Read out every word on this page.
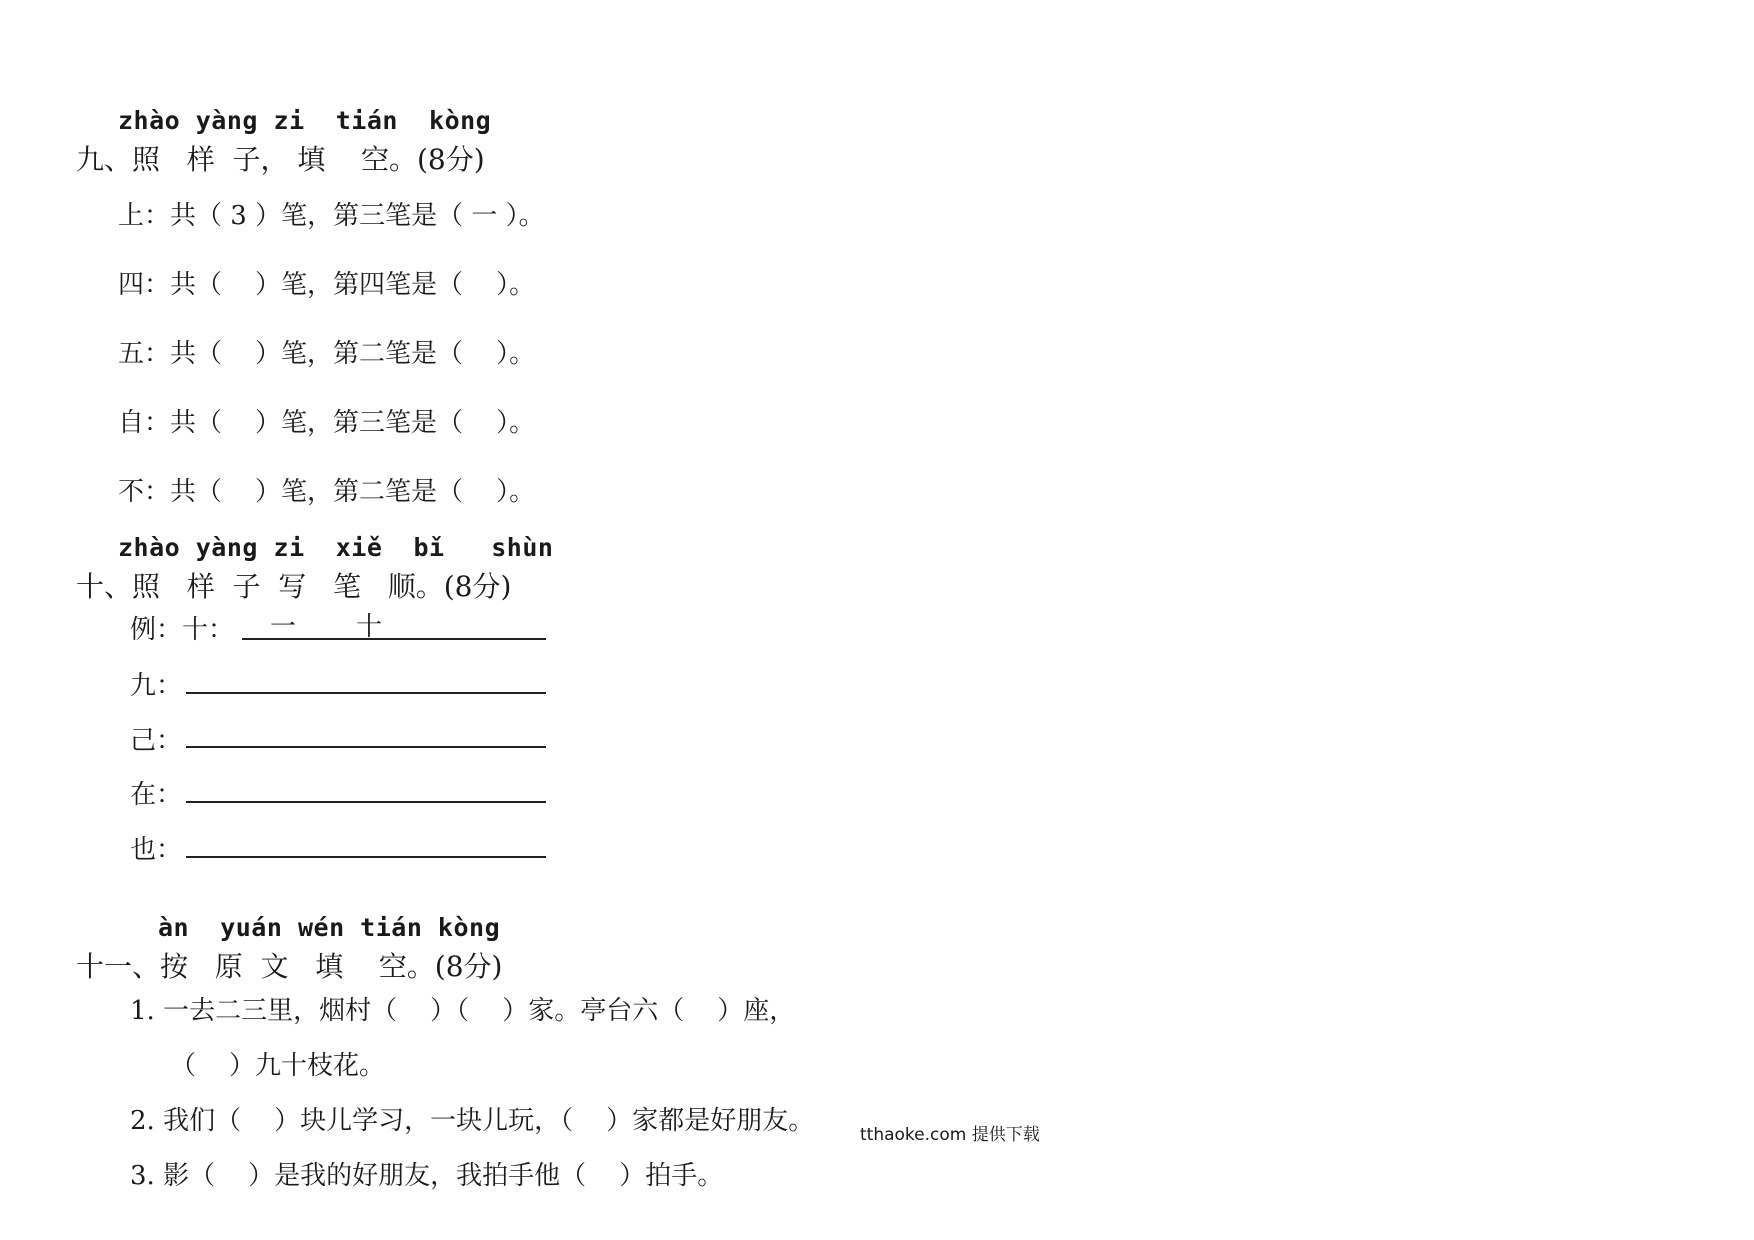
zhào yàng zi  tián  kòng
九、照   样  子， 填    空。(8分)
上：共（ 3 ）笔，第三笔是（ 一 ）。
四：共（    ）笔，第四笔是（    ）。
五：共（    ）笔，第二笔是（    ）。
自：共（    ）笔，第三笔是（    ）。
不：共（    ）笔，第二笔是（    ）。
zhào yàng zi  xiě  bǐ   shùn
十、照   样  子  写   笔   顺。(8分)
例：十： 一 十
九：
己：
在：
也：
àn  yuán wén tián kòng
十一、按   原  文   填    空。(8分)
1. 一去二三里，烟村（    ）（    ）家。亭台六（    ）座，
（    ）九十枝花。
2. 我们（    ）块儿学习，一块儿玩，（    ）家都是好朋友。
3. 影（    ）是我的好朋友，我拍手他（    ）拍手。
tthaoke.com 提供下载
